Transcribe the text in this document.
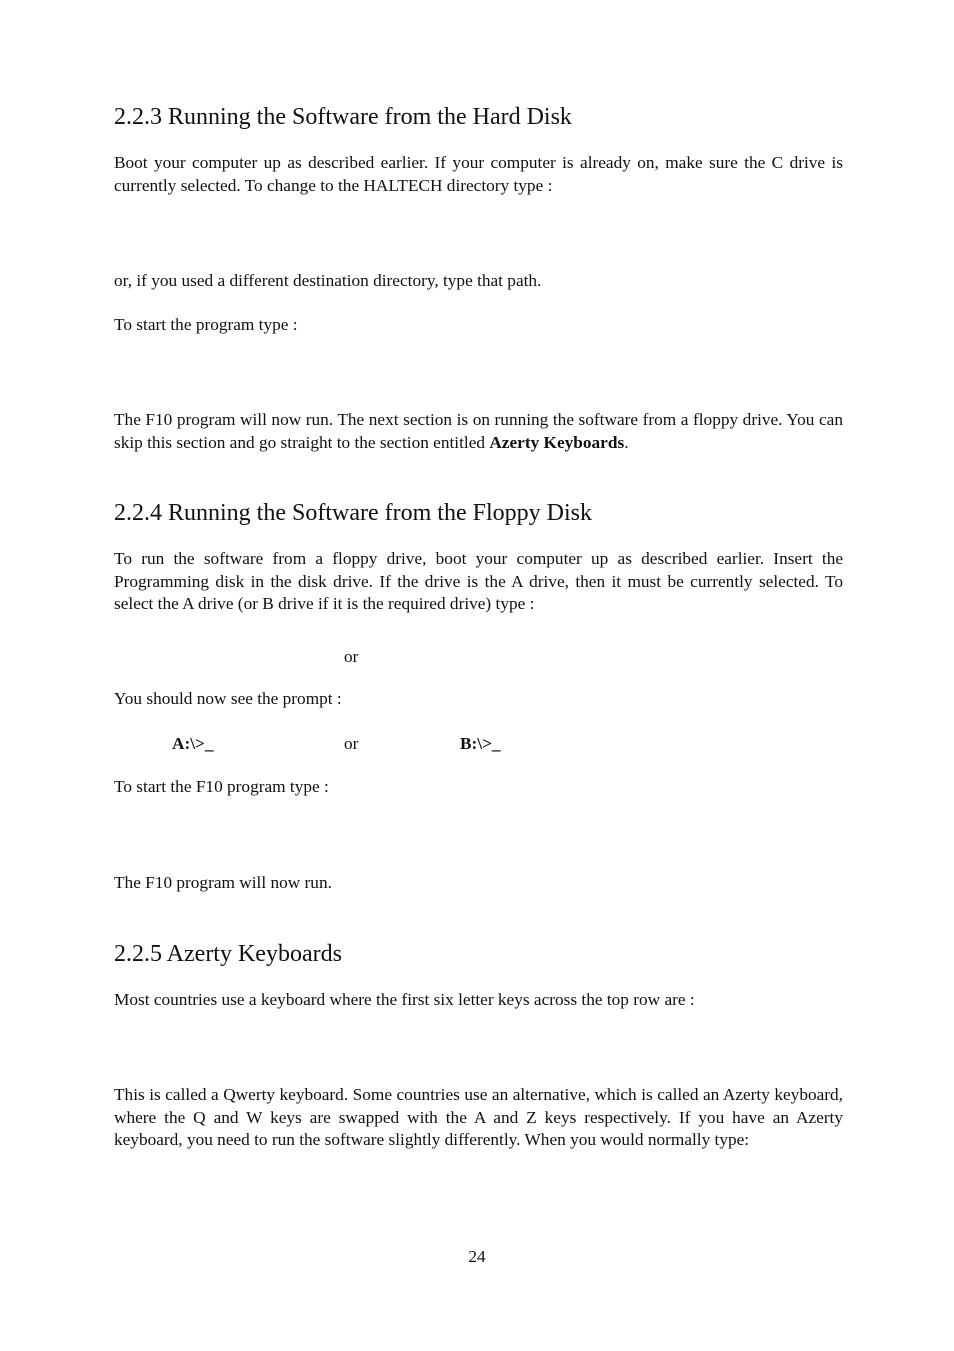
2.2.3 Running the Software from the Hard Disk

Boot your computer up as described earlier. If your computer is already on, make sure the C drive is currently selected. To change to the HALTECH directory type :

or, if you used a different destination directory, type that path.

To start the program type :

The F10 program will now run. The next section is on running the software from a floppy drive. You can skip this section and go straight to the section entitled Azerty Keyboards.

2.2.4 Running the Software from the Floppy Disk

To run the software from a floppy drive, boot your computer up as described earlier. Insert the Programming disk in the disk drive. If the drive is the A drive, then it must be currently selected. To select the A drive (or B drive if it is the required drive) type :

or

You should now see the prompt :

A:\>_	or	B:\>_

To start the F10 program type :

The F10 program will now run.

2.2.5 Azerty Keyboards

Most countries use a keyboard where the first six letter keys across the top row are :

This is called a Qwerty keyboard. Some countries use an alternative, which is called an Azerty keyboard, where the Q and W keys are swapped with the A and Z keys respectively. If you have an Azerty keyboard, you need to run the software slightly differently. When you would normally type:

24
